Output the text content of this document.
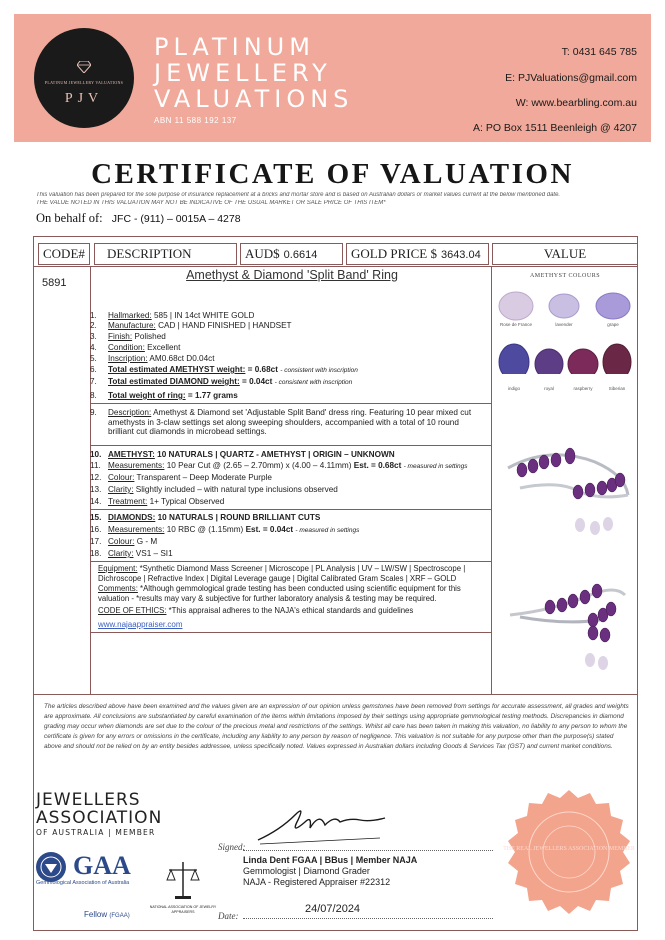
PLATINUM JEWELLERY VALUATIONS
PJV
PLATINUM
JEWELLERY
VALUATIONS
ABN 11 588 192 137
T: 0431 645 785
E: PJValuations@gmail.com
W: www.bearbling.com.au
A: PO Box 1511 Beenleigh @ 4207
CERTIFICATE OF VALUATION
This valuation has been prepared for the sole purpose of insurance replacement at a bricks and mortar store and is based on Australian dollars or market values current at the below mentioned date.
THE VALUE NOTED IN THIS VALUATION MAY NOT BE INDICATIVE OF THE USUAL MARKET OR SALE PRICE OF THIS ITEM*
On behalf of: JFC - (911) – 0015A – 4278
CODE#	DESCRIPTION	AUD$ 0.6614	GOLD PRICE $ 3643.04	VALUE
5891
Amethyst & Diamond 'Split Band' Ring
1. Hallmarked: 585 | IN 14ct WHITE GOLD
2. Manufacture: CAD | HAND FINISHED | HANDSET
3. Finish: Polished
4. Condition: Excellent
5. Inscription: AM0.68ct D0.04ct
6. Total estimated AMETHYST weight: = 0.68ct - consistent with inscription
7. Total estimated DIAMOND weight: = 0.04ct - consistent with inscription
8. Total weight of ring: = 1.77 grams
9. Description: Amethyst & Diamond set 'Adjustable Split Band' dress ring. Featuring 10 pear mixed cut amethysts in 3-claw settings set along sweeping shoulders, accompanied with a total of 10 round brilliant cut diamonds in microbead settings.
10. AMETHYST: 10 NATURALS | QUARTZ - AMETHYST | ORIGIN – UNKNOWN
11. Measurements: 10 Pear Cut @ (2.65 – 2.70mm) x (4.00 – 4.11mm) Est. = 0.68ct - measured in settings
12. Colour: Transparent – Deep Moderate Purple
13. Clarity: Slightly included – with natural type inclusions observed
14. Treatment: 1+ Typical Observed
15. DIAMONDS: 10 NATURALS | ROUND BRILLIANT CUTS
16. Measurements: 10 RBC @ (1.15mm) Est. = 0.04ct - measured in settings
17. Colour: G - M
18. Clarity: VS1 – SI1
Equipment: *Synthetic Diamond Mass Screener | Microscope | PL Analysis | UV – LW/SW | Spectroscope | Dichroscope | Refractive Index | Digital Leverage gauge | Digital Calibrated Gram Scales | XRF – GOLD
Comments: *Although gemmological grade testing has been conducted using scientific equipment for this valuation - *results may vary & subjective for further laboratory analysis & testing may be required.
CODE OF ETHICS: *This appraisal adheres to the NAJA's ethical standards and guidelines
www.najaappraiser.com
AMETHYST COLOURS
Rose de France	lavender	grape
indigo	royal	raspberry	Siberian
The articles described above have been examined and the values given are an expression of our opinion unless gemstones have been removed from settings for accurate assessment, all grades and weights are approximate. All conclusions are substantiated by careful examination of the items within limitations imposed by their settings using appropriate gemmological testing methods. Discrepancies in diamond grading may occur when diamonds are set due to the colour of the precious metal and restrictions of the settings. Whilst all care has been taken in making this valuation, no liability to any person to whom the certificate is given for any errors or omissions in the certificate, including any liability to any person by reason of negligence. This valuation is not suitable for any purpose other than the purpose(s) stated above and should not be relied on by an entity besides addressee, unless specifically noted. Values expressed in Australian dollars including Goods & Services Tax (GST) and current market conditions.
JEWELLERS
ASSOCIATION
OF AUSTRALIA | MEMBER
GAA
Gemmological Association of Australia
Fellow (FGAA)
NATIONAL ASSOCIATION OF JEWELRY APPRAISERS
Signed:
Linda Dent FGAA | BBus | Member NAJA
Gemmologist | Diamond Grader
NAJA - Registered Appraiser #22312
Date:
24/07/2024
THE REAL JEWELLERS ASSOCIATION MEMBER
